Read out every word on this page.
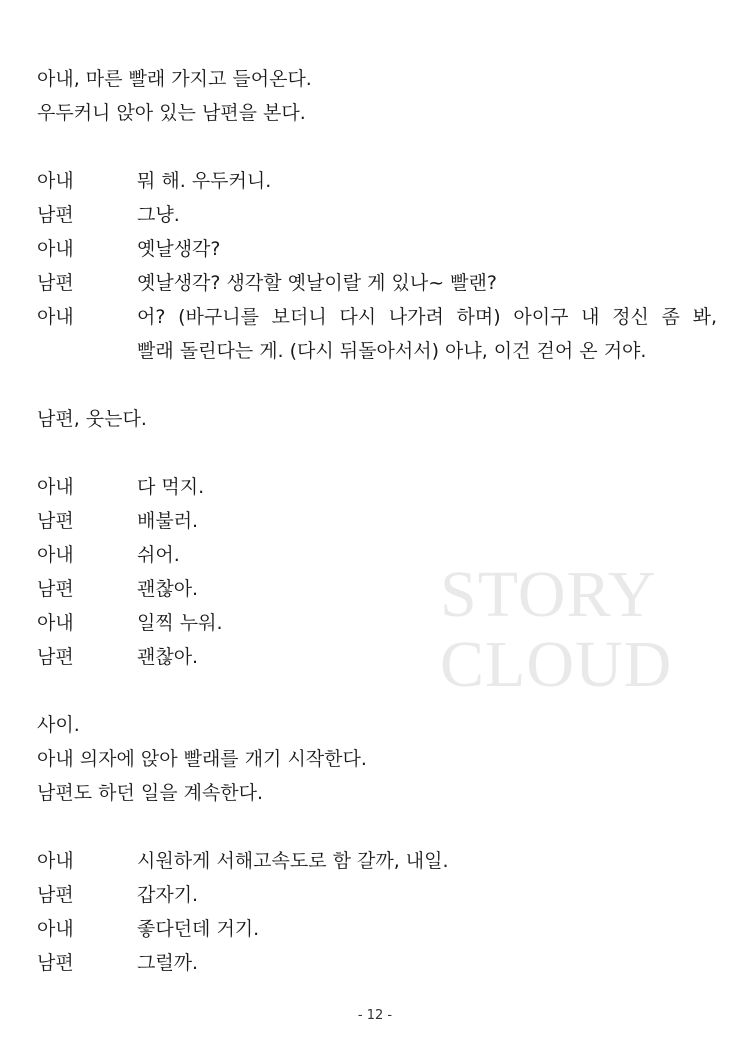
STORY
CLOUD
아내, 마른 빨래 가지고 들어온다.
우두커니 앉아 있는 남편을 본다.
아내	뭐 해. 우두커니.
남편	그냥.
아내	옛날생각?
남편	옛날생각? 생각할 옛날이랄 게 있나~ 빨랜?
아내	어? (바구니를 보더니 다시 나가려 하며) 아이구 내 정신 좀 봐,
빨래 돌린다는 게. (다시 뒤돌아서서) 아냐, 이건 걷어 온 거야.
남편, 웃는다.
아내	다 먹지.
남편	배불러.
아내	쉬어.
남편	괜찮아.
아내	일찍 누워.
남편	괜찮아.
사이.
아내 의자에 앉아 빨래를 개기 시작한다.
남편도 하던 일을 계속한다.
아내	시원하게 서해고속도로 함 갈까, 내일.
남편	갑자기.
아내	좋다던데 거기.
남편	그럴까.
- 12 -
